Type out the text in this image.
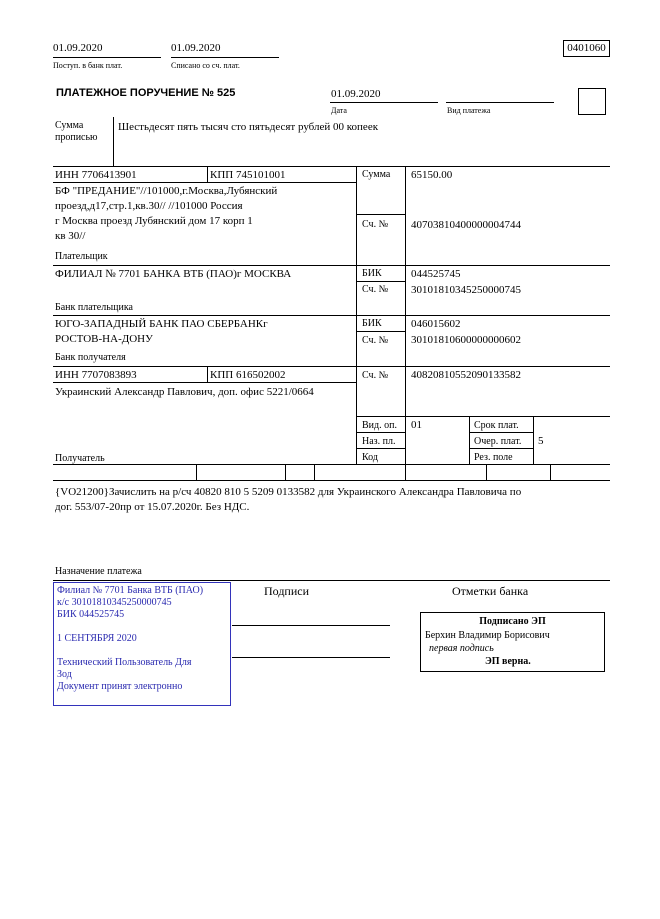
01.09.2020
Поступ. в банк плат.
01.09.2020
Списано со сч. плат.
0401060
ПЛАТЕЖНОЕ ПОРУЧЕНИЕ № 525	01.09.2020
Дата	Вид платежа
Сумма
прописью
Шестьдесят пять тысяч сто пятьдесят рублей 00 копеек
ИНН 7706413901	КПП 745101001
БФ "ПРЕДАНИЕ"//101000,г.Москва,Лубянский
проезд,д17,стр.1,кв.30// //101000 Россия
г Москва проезд Лубянский дом 17 корп 1
кв 30//
Плательщик
Сумма 65150.00
Сч. № 40703810400000004744
ФИЛИАЛ № 7701 БАНКА ВТБ (ПАО)г МОСКВА
Банк плательщика
БИК	044525745
Сч. № 30101810345250000745
ЮГО-ЗАПАДНЫЙ БАНК ПАО СБЕРБАНКг
РОСТОВ-НА-ДОНУ
Банк получателя
БИК	046015602
Сч. № 30101810600000000602
ИНН 7707083893	КПП 616502002	Сч. № 40820810552090133582
Украинский Александр Павлович, доп. офис 5221/0664
Получатель
Вид. оп. 01	Срок плат.
Наз. пл.	Очер. плат. 5
Код	Рез. поле
{VO21200}Зачислить на р/сч 40820 810 5 5209 0133582 для Украинского Александра Павловича по
дог. 553/07-20пр от 15.07.2020г. Без НДС.
Назначение платежа
Подписи	Отметки банка
Филиал № 7701 Банка ВТБ (ПАО)
к/с 30101810345250000745
БИК 044525745
1 СЕНТЯБРЯ 2020
Технический Пользователь Для
Зод
Документ принят электронно
Подписано ЭП
Берхин Владимир Борисович
первая подпись
ЭП верна.
